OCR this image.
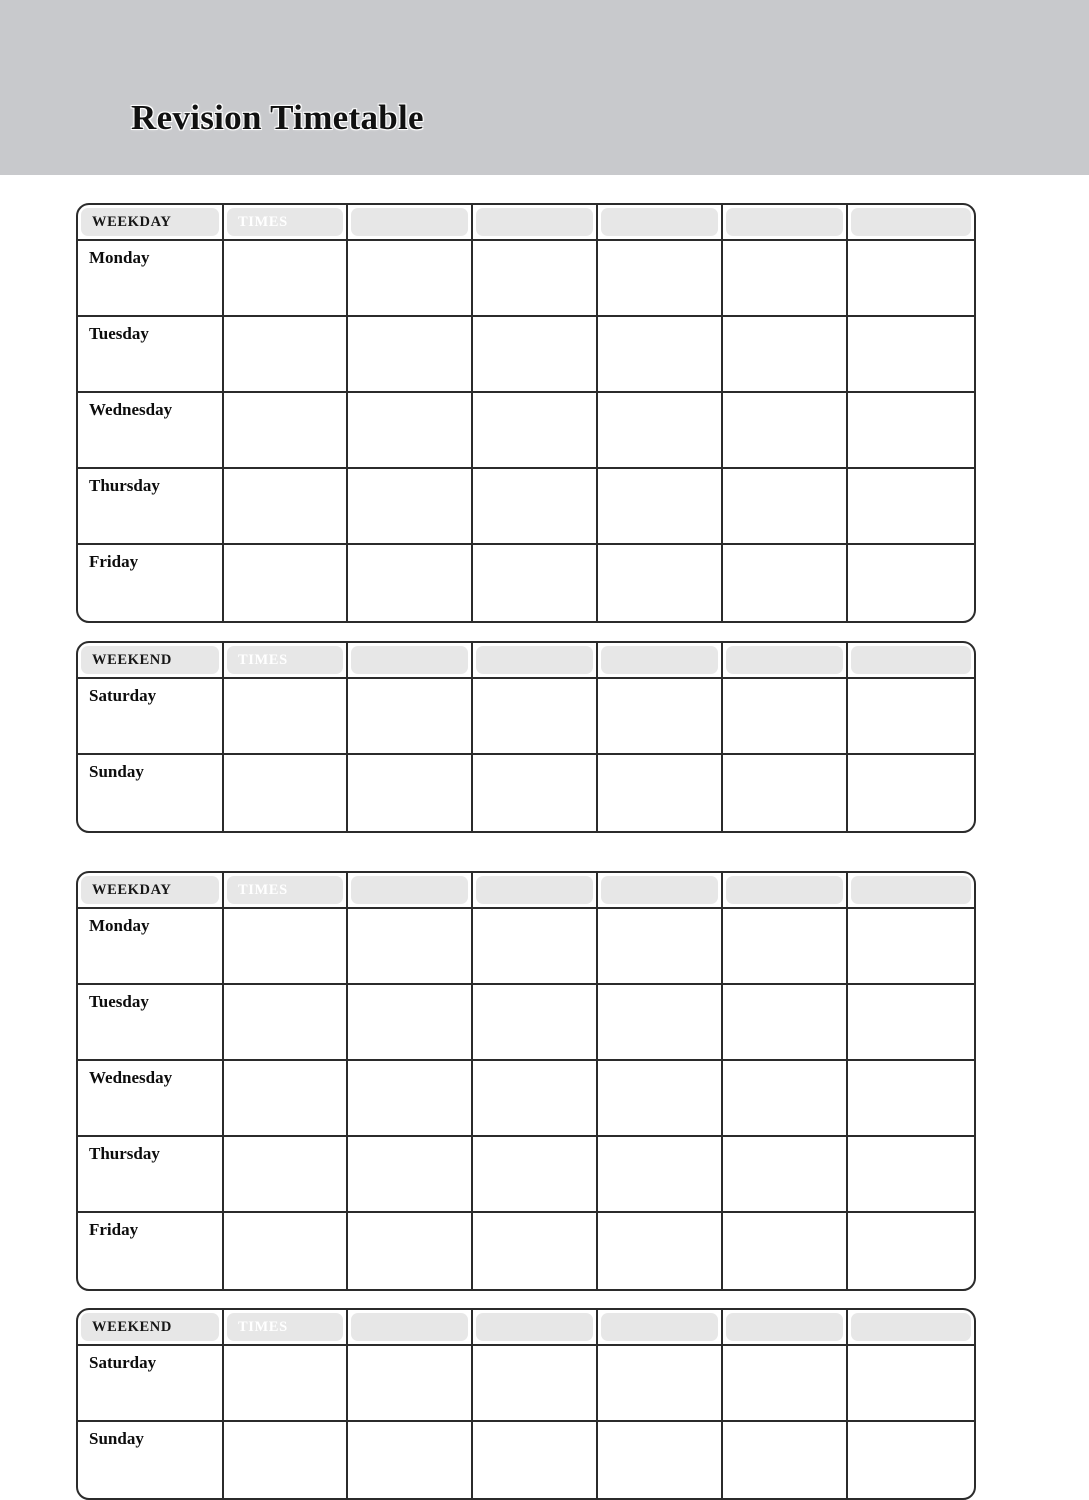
Revision Timetable
WEEKDAY	TIMES
Monday
Tuesday
Wednesday
Thursday
Friday
WEEKEND	TIMES
Saturday
Sunday
WEEKDAY	TIMES
Monday
Tuesday
Wednesday
Thursday
Friday
WEEKEND	TIMES
Saturday
Sunday
